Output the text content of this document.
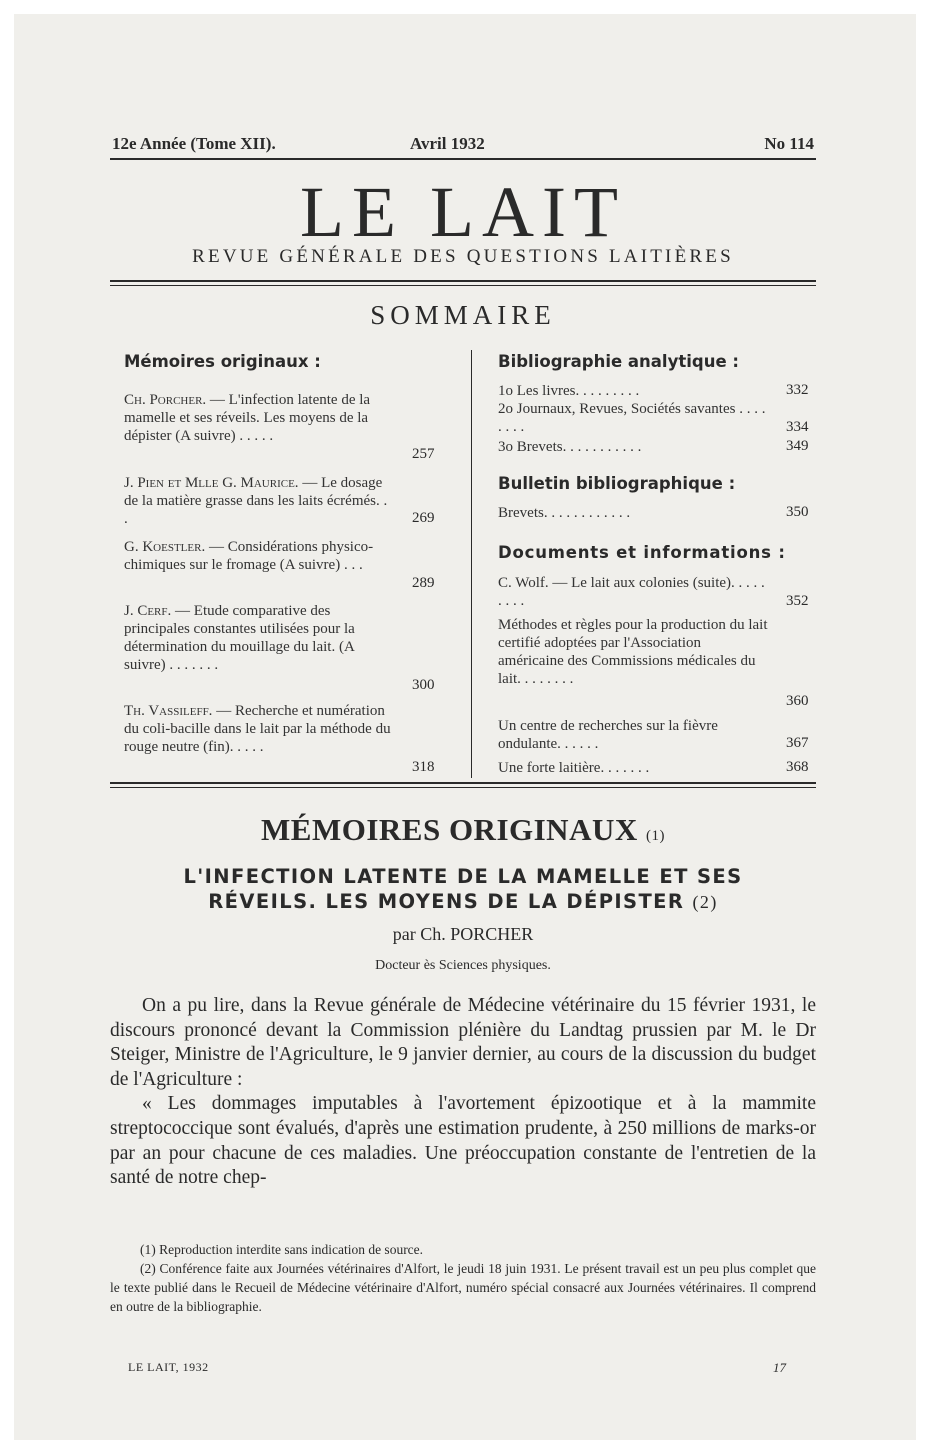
12e Année (Tome XII).	Avril 1932	No 114
LE LAIT
REVUE GÉNÉRALE DES QUESTIONS LAITIÈRES
SOMMAIRE
Mémoires originaux :
Ch. Porcher. — L'infection latente de la mamelle et ses réveils. Les moyens de la dépister (A suivre) . . . . .
257
J. Pien et Mlle G. Maurice. — Le dosage de la matière grasse dans les laits écrémés. . .	269
G. Koestler. — Considérations physico-chimiques sur le fromage (A suivre) . . .
289
J. Cerf. — Etude comparative des principales constantes utilisées pour la détermination du mouillage du lait. (A suivre) . . . . . . .
300
Th. Vassileff. — Recherche et numération du coli-bacille dans le lait par la méthode du rouge neutre (fin). . . . .
318
Bibliographie analytique :
1o Les livres. . . . . . . . .	332
2o Journaux, Revues, Sociétés savantes . . . . . . . .	334
3o Brevets. . . . . . . . . . .	349
Bulletin bibliographique :
Brevets. . . . . . . . . . . .	350
Documents et informations :
C. Wolf. — Le lait aux colonies (suite). . . . . . . . .	352
Méthodes et règles pour la production du lait certifié adoptées par l'Association américaine des Commissions médicales du lait. . . . . . . .
360
Un centre de recherches sur la fièvre ondulante. . . . . .	367
Une forte laitière. . . . . . .	368
MÉMOIRES ORIGINAUX (1)
L'INFECTION LATENTE DE LA MAMELLE ET SES
RÉVEILS. LES MOYENS DE LA DÉPISTER (2)
par Ch. PORCHER
Docteur ès Sciences physiques.

On a pu lire, dans la Revue générale de Médecine vétérinaire du 15 février 1931, le discours prononcé devant la Commission plénière du Landtag prussien par M. le Dr Steiger, Ministre de l'Agriculture, le 9 janvier dernier, au cours de la discussion du budget de l'Agriculture :

« Les dommages imputables à l'avortement épizootique et à la mammite streptococcique sont évalués, d'après une estimation prudente, à 250 millions de marks-or par an pour chacune de ces maladies. Une préoccupation constante de l'entretien de la santé de notre chep-

(1) Reproduction interdite sans indication de source.

(2) Conférence faite aux Journées vétérinaires d'Alfort, le jeudi 18 juin 1931. Le présent travail est un peu plus complet que le texte publié dans le Recueil de Médecine vétérinaire d'Alfort, numéro spécial consacré aux Journées vétérinaires. Il comprend en outre de la bibliographie.

LE LAIT, 1932	17
